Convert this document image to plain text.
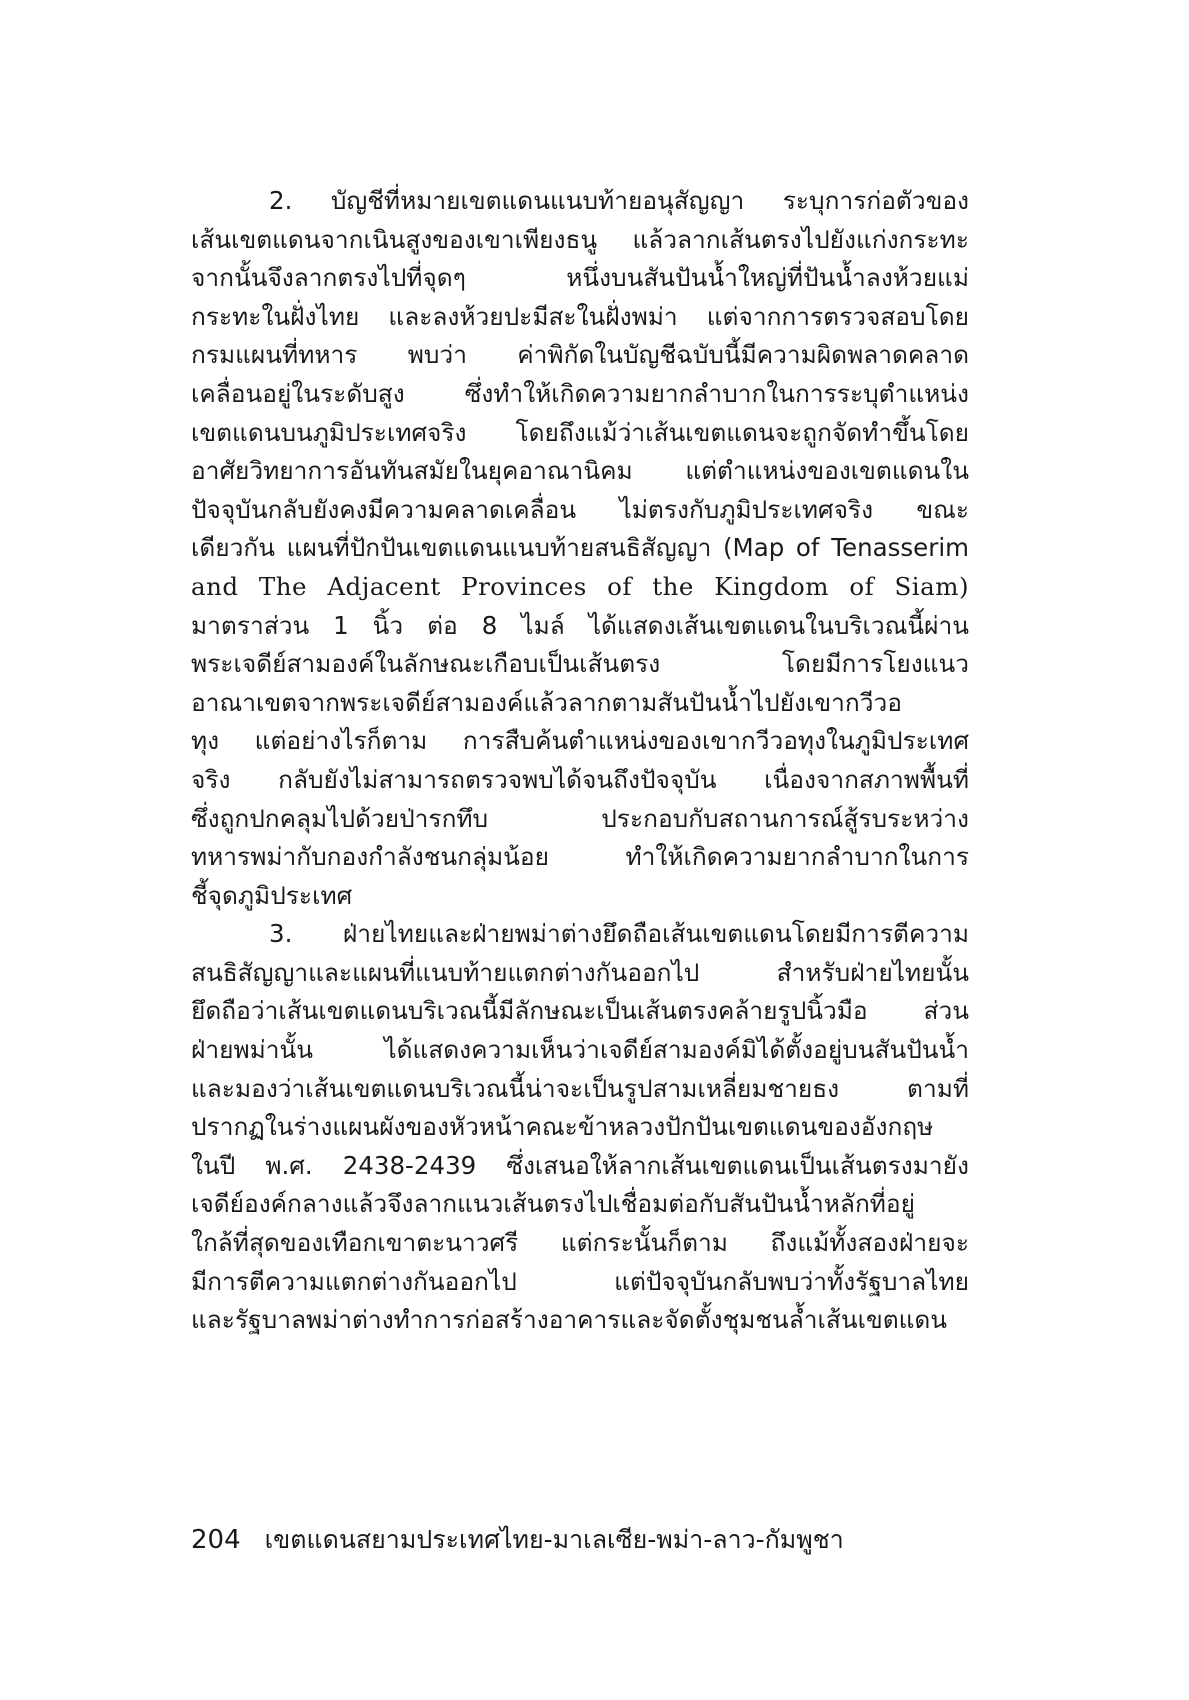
2. บัญชีที่หมายเขตแดนแนบท้ายอนุสัญญา ระบุการก่อตัวของ
เส้นเขตแดนจากเนินสูงของเขาเพียงธนู แล้วลากเส้นตรงไปยังแก่งกระทะ
จากนั้นจึงลากตรงไปที่จุดๆ หนึ่งบนสันปันน้ำใหญ่ที่ปันน้ำลงห้วยแม่
กระทะในฝั่งไทย และลงห้วยปะมีสะในฝั่งพม่า แต่จากการตรวจสอบโดย
กรมแผนที่ทหาร พบว่า ค่าพิกัดในบัญชีฉบับนี้มีความผิดพลาดคลาด
เคลื่อนอยู่ในระดับสูง ซึ่งทำให้เกิดความยากลำบากในการระบุตำแหน่ง
เขตแดนบนภูมิประเทศจริง โดยถึงแม้ว่าเส้นเขตแดนจะถูกจัดทำขึ้นโดย
อาศัยวิทยาการอันทันสมัยในยุคอาณานิคม แต่ตำแหน่งของเขตแดนใน
ปัจจุบันกลับยังคงมีความคลาดเคลื่อน ไม่ตรงกับภูมิประเทศจริง ขณะ
เดียวกัน แผนที่ปักปันเขตแดนแนบท้ายสนธิสัญญา (Map of Tenasserim
and The Adjacent Provinces of the Kingdom of Siam)
มาตราส่วน 1 นิ้ว ต่อ 8 ไมล์ ได้แสดงเส้นเขตแดนในบริเวณนี้ผ่าน
พระเจดีย์สามองค์ในลักษณะเกือบเป็นเส้นตรง โดยมีการโยงแนว
อาณาเขตจากพระเจดีย์สามองค์แล้วลากตามสันปันน้ำไปยังเขากวีวอ
ทุง แต่อย่างไรก็ตาม การสืบค้นตำแหน่งของเขากวีวอทุงในภูมิประเทศ
จริง กลับยังไม่สามารถตรวจพบได้จนถึงปัจจุบัน เนื่องจากสภาพพื้นที่
ซึ่งถูกปกคลุมไปด้วยป่ารกทึบ ประกอบกับสถานการณ์สู้รบระหว่าง
ทหารพม่ากับกองกำลังชนกลุ่มน้อย ทำให้เกิดความยากลำบากในการ
ชี้จุดภูมิประเทศ
3. ฝ่ายไทยและฝ่ายพม่าต่างยึดถือเส้นเขตแดนโดยมีการตีความ
สนธิสัญญาและแผนที่แนบท้ายแตกต่างกันออกไป สำหรับฝ่ายไทยนั้น
ยึดถือว่าเส้นเขตแดนบริเวณนี้มีลักษณะเป็นเส้นตรงคล้ายรูปนิ้วมือ ส่วน
ฝ่ายพม่านั้น ได้แสดงความเห็นว่าเจดีย์สามองค์มิได้ตั้งอยู่บนสันปันน้ำ
และมองว่าเส้นเขตแดนบริเวณนี้น่าจะเป็นรูปสามเหลี่ยมชายธง ตามที่
ปรากฏในร่างแผนผังของหัวหน้าคณะข้าหลวงปักปันเขตแดนของอังกฤษ
ในปี พ.ศ. 2438-2439 ซึ่งเสนอให้ลากเส้นเขตแดนเป็นเส้นตรงมายัง
เจดีย์องค์กลางแล้วจึงลากแนวเส้นตรงไปเชื่อมต่อกับสันปันน้ำหลักที่อยู่
ใกล้ที่สุดของเทือกเขาตะนาวศรี แต่กระนั้นก็ตาม ถึงแม้ทั้งสองฝ่ายจะ
มีการตีความแตกต่างกันออกไป แต่ปัจจุบันกลับพบว่าทั้งรัฐบาลไทย
และรัฐบาลพม่าต่างทำการก่อสร้างอาคารและจัดตั้งชุมชนล้ำเส้นเขตแดน
204 เขตแดนสยามประเทศไทย-มาเลเซีย-พม่า-ลาว-กัมพูชา
